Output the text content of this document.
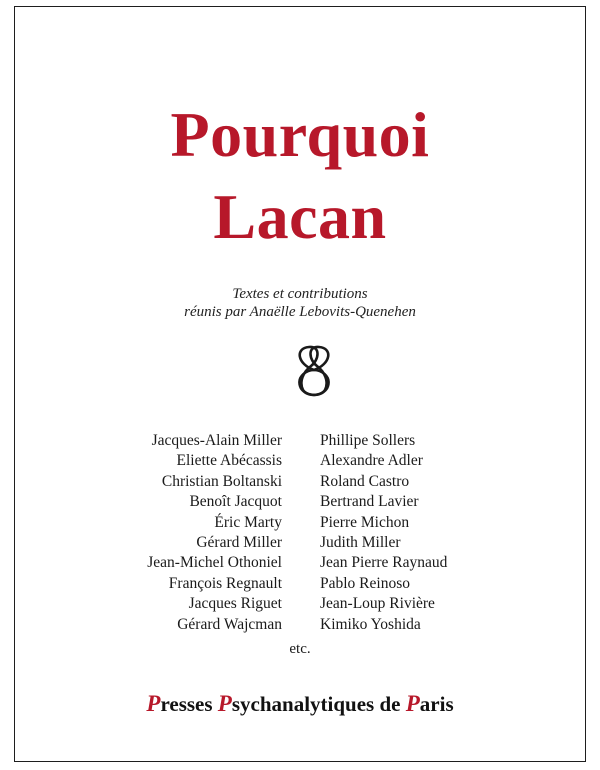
Pourquoi
Lacan
Textes et contributions
réunis par Anaëlle Lebovits-Quenehen
Jacques-Alain Miller
Eliette Abécassis
Christian Boltanski
Benoît Jacquot
Éric Marty
Gérard Miller
Jean-Michel Othoniel
François Regnault
Jacques Riguet
Gérard Wajcman
Phillipe Sollers
Alexandre Adler
Roland Castro
Bertrand Lavier
Pierre Michon
Judith Miller
Jean Pierre Raynaud
Pablo Reinoso
Jean-Loup Rivière
Kimiko Yoshida
etc.
Presses Psychanalytiques de Paris
